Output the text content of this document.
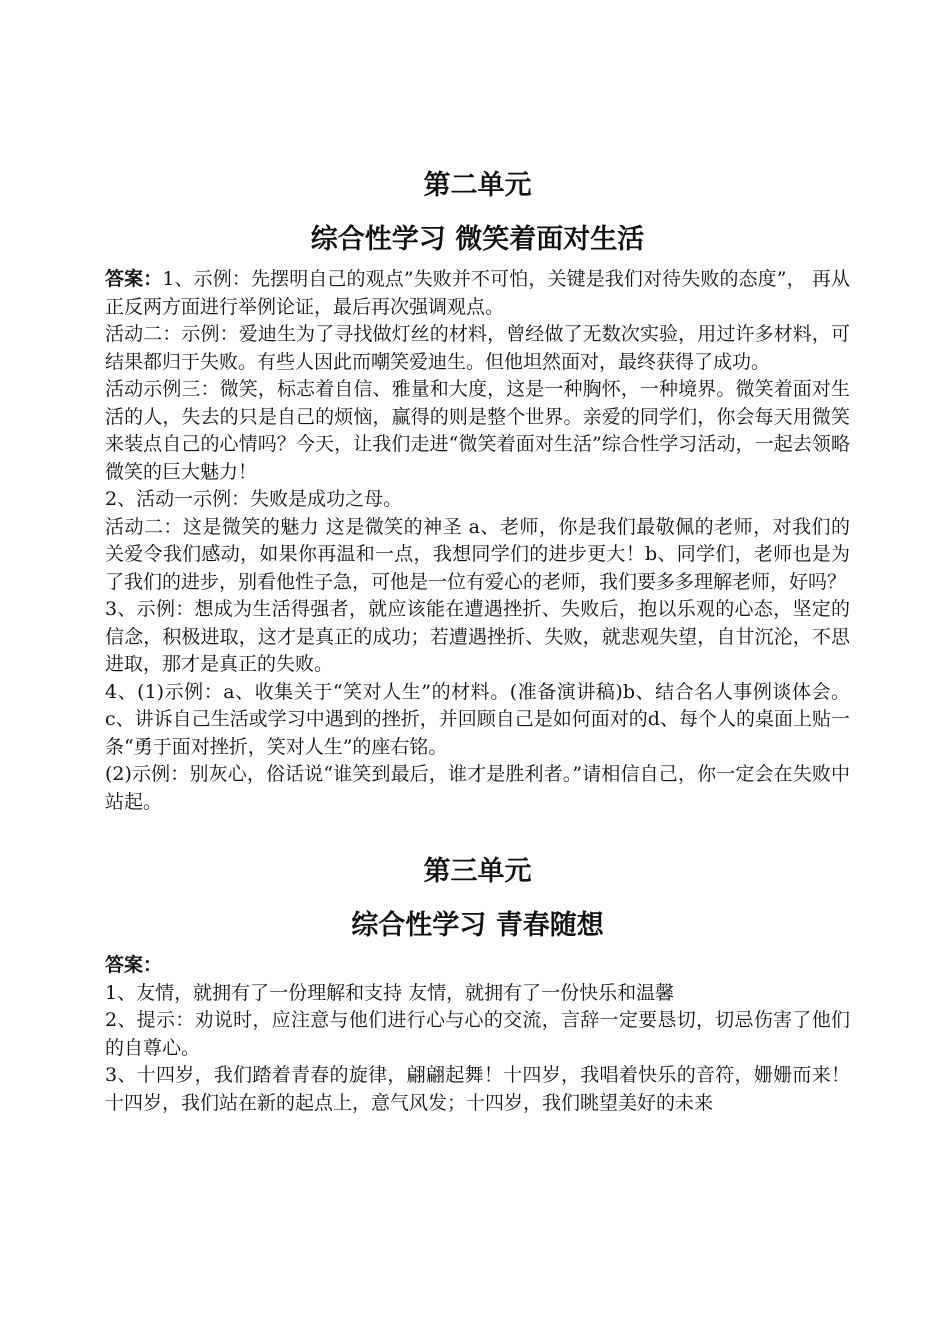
第二单元
综合性学习 微笑着面对生活

答案：1、示例：先摆明自己的观点”失败并不可怕，关键是我们对待失败的态度”， 再从正反两方面进行举例论证，最后再次强调观点。

活动二：示例：爱迪生为了寻找做灯丝的材料，曾经做了无数次实验，用过许多材料，可结果都归于失败。有些人因此而嘲笑爱迪生。但他坦然面对，最终获得了成功。

活动示例三：微笑，标志着自信、雅量和大度，这是一种胸怀，一种境界。微笑着面对生活的人，失去的只是自己的烦恼，赢得的则是整个世界。亲爱的同学们，你会每天用微笑来装点自己的心情吗？今天，让我们走进“微笑着面对生活”综合性学习活动，一起去领略微笑的巨大魅力！

2、活动一示例：失败是成功之母。

活动二：这是微笑的魅力 这是微笑的神圣 a、老师，你是我们最敬佩的老师，对我们的关爱令我们感动，如果你再温和一点，我想同学们的进步更大！b、同学们，老师也是为了我们的进步，别看他性子急，可他是一位有爱心的老师，我们要多多理解老师，好吗？

3、示例：想成为生活得强者，就应该能在遭遇挫折、失败后，抱以乐观的心态，坚定的信念，积极进取，这才是真正的成功；若遭遇挫折、失败，就悲观失望，自甘沉沦，不思进取，那才是真正的失败。

4、(1)示例：a、收集关于“笑对人生”的材料。(准备演讲稿)b、结合名人事例谈体会。c、讲诉自己生活或学习中遇到的挫折，并回顾自己是如何面对的d、每个人的桌面上贴一条“勇于面对挫折，笑对人生”的座右铭。

(2)示例：别灰心，俗话说“谁笑到最后，谁才是胜利者。”请相信自己，你一定会在失败中站起。

第三单元
综合性学习 青春随想

答案：

1、友情，就拥有了一份理解和支持 友情，就拥有了一份快乐和温馨

2、提示：劝说时，应注意与他们进行心与心的交流，言辞一定要恳切，切忌伤害了他们的自尊心。

3、十四岁，我们踏着青春的旋律，翩翩起舞！十四岁，我唱着快乐的音符，姗姗而来！十四岁，我们站在新的起点上，意气风发；十四岁，我们眺望美好的未来
